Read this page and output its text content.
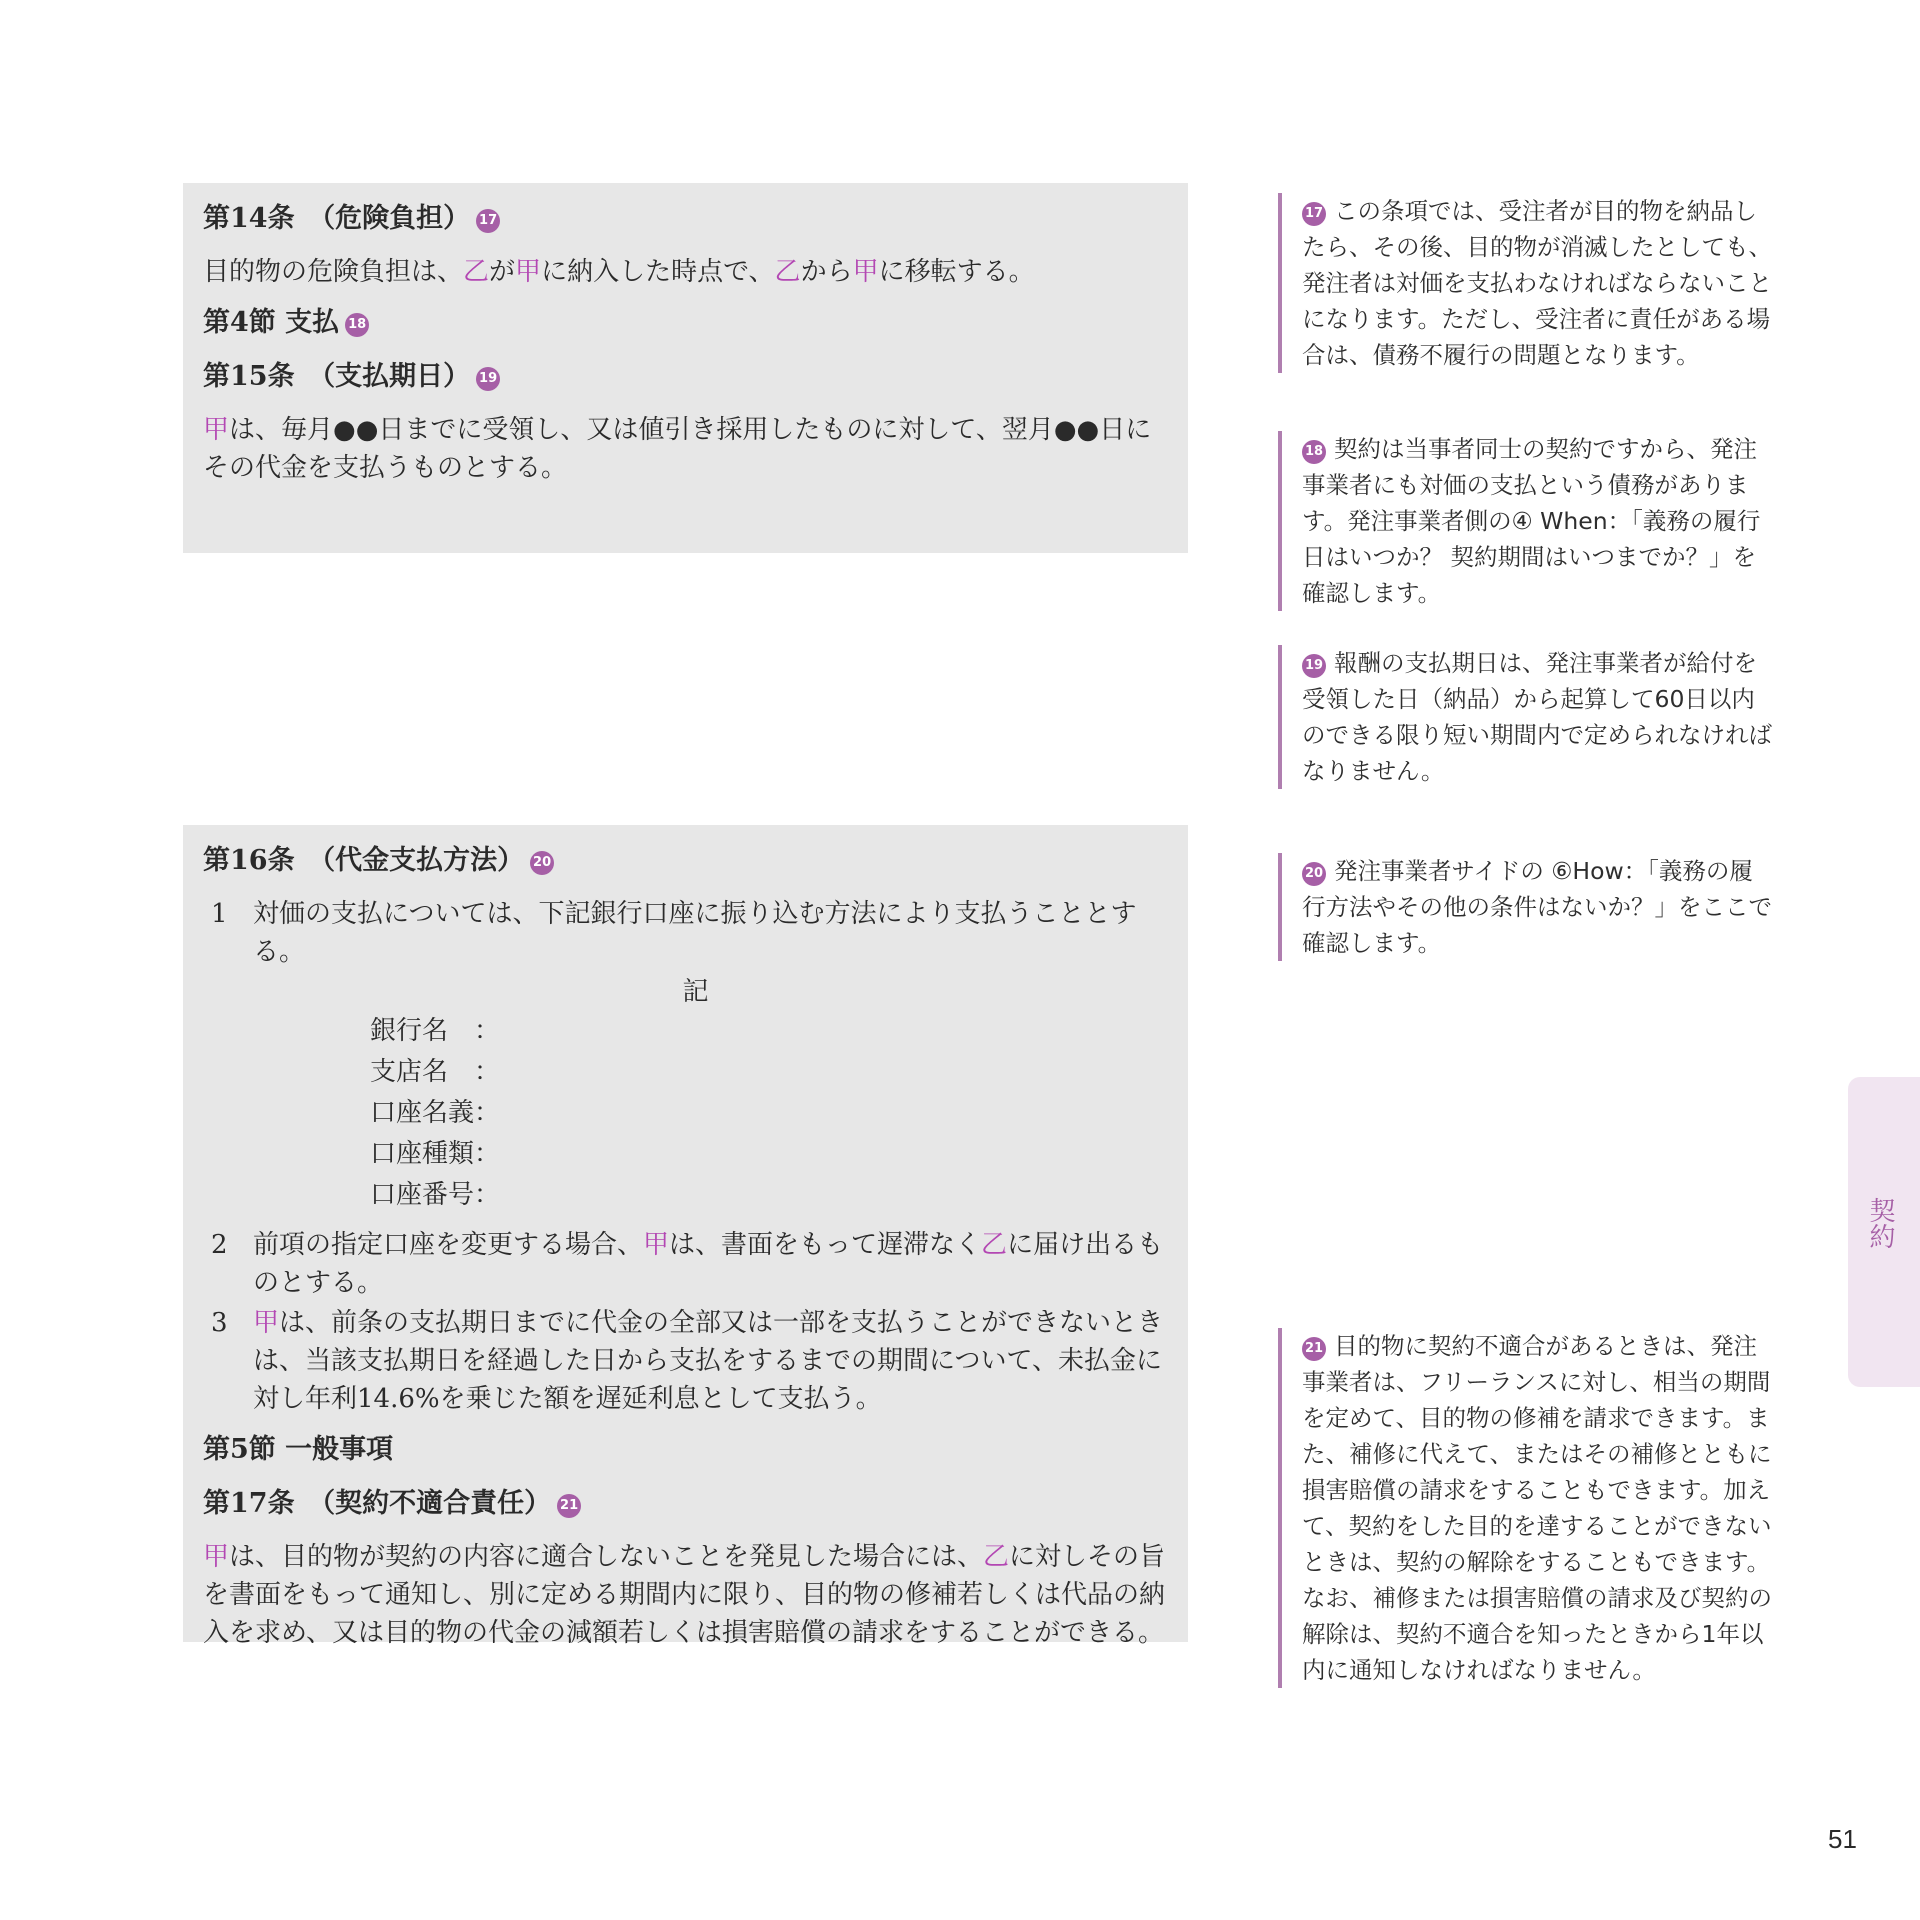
第14条　（危険負担） 17

目的物の危険負担は、乙が甲に納入した時点で、乙から甲に移転する。

第4節 支払 18
第15条　（支払期日） 19

甲は、毎月●●日までに受領し、又は値引き採用したものに対して、翌月●●日にその代金を支払うものとする。

第16条　（代金支払方法） 20
1 対価の支払については、下記銀行口座に振り込む方法により支払うこととする。
記
銀行名　：
支店名　：
口座名義：
口座種類：
口座番号：
2 前項の指定口座を変更する場合、甲は、書面をもって遅滞なく乙に届け出るものとする。
3 甲は、前条の支払期日までに代金の全部又は一部を支払うことができないときは、当該支払期日を経過した日から支払をするまでの期間について、未払金に対し年利14.6%を乗じた額を遅延利息として支払う。
第5節 一般事項
第17条　（契約不適合責任） 21

甲は、目的物が契約の内容に適合しないことを発見した場合には、乙に対しその旨を書面をもって通知し、別に定める期間内に限り、目的物の修補若しくは代品の納入を求め、又は目的物の代金の減額若しくは損害賠償の請求をすることができる。

17 この条項では、受注者が目的物を納品したら、その後、目的物が消滅したとしても、発注者は対価を支払わなければならないことになります。ただし、受注者に責任がある場合は、債務不履行の問題となります。
18 契約は当事者同士の契約ですから、発注事業者にも対価の支払という債務があります。発注事業者側の④ When：「義務の履行日はいつか？ 契約期間はいつまでか？」を確認します。
19 報酬の支払期日は、発注事業者が給付を受領した日（納品）から起算して60日以内のできる限り短い期間内で定められなければなりません。
20 発注事業者サイドの ⑥How：「義務の履行方法やその他の条件はないか？」をここで確認します。
21 目的物に契約不適合があるときは、発注事業者は、フリーランスに対し、相当の期間を定めて、目的物の修補を請求できます。また、補修に代えて、またはその補修とともに損害賠償の請求をすることもできます。加えて、契約をした目的を達することができないときは、契約の解除をすることもできます。なお、補修または損害賠償の請求及び契約の解除は、契約不適合を知ったときから1年以内に通知しなければなりません。
契約
51
